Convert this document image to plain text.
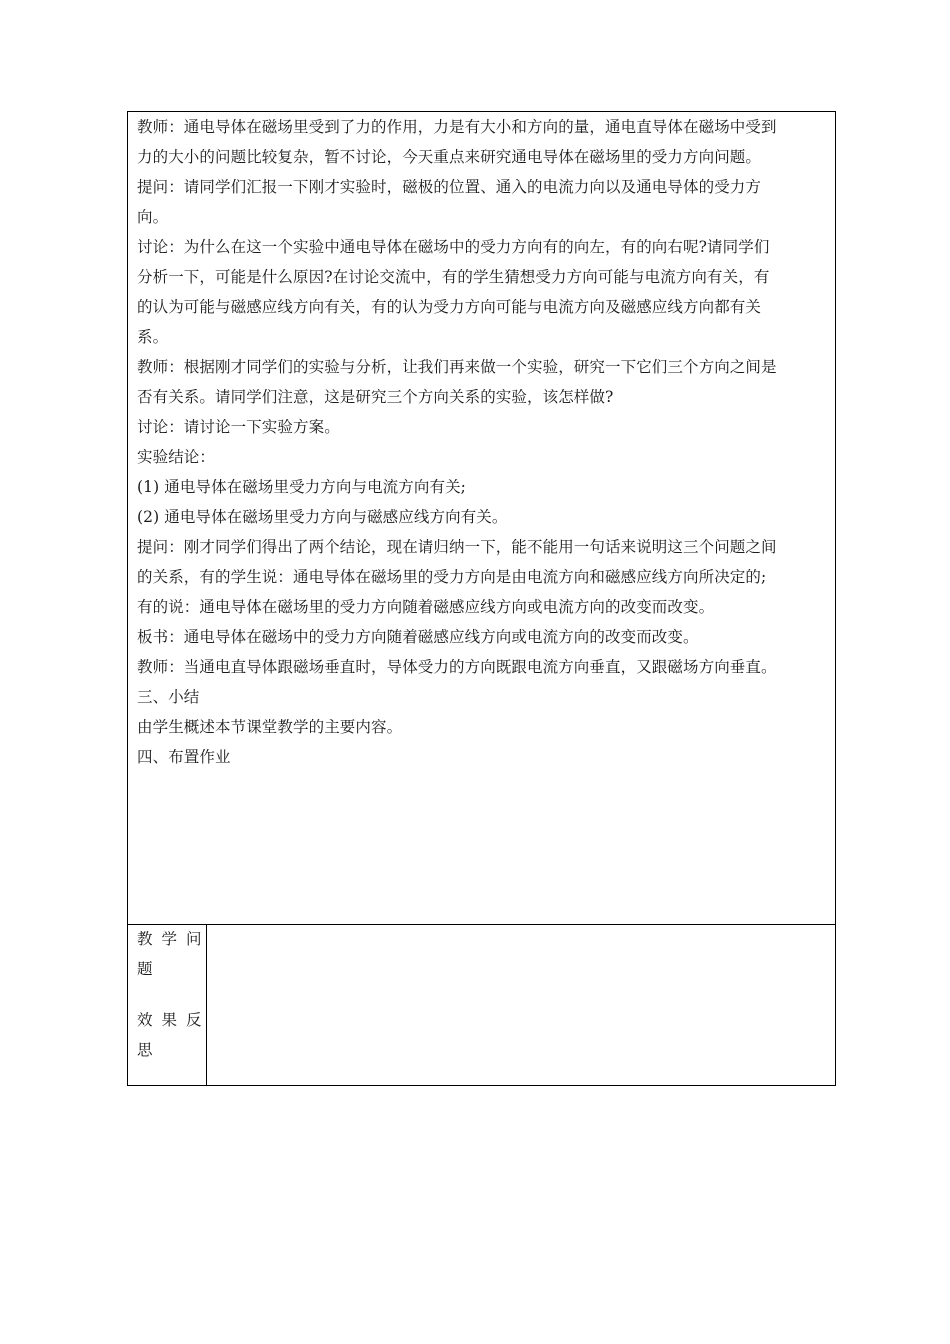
教师：通电导体在磁场里受到了力的作用，力是有大小和方向的量，通电直导体在磁场中受到
力的大小的问题比较复杂，暂不讨论，今天重点来研究通电导体在磁场里的受力方向问题。
提问：请同学们汇报一下刚才实验时，磁极的位置、通入的电流力向以及通电导体的受力方
向。
讨论：为什么在这一个实验中通电导体在磁场中的受力方向有的向左，有的向右呢?请同学们
分析一下，可能是什么原因?在讨论交流中，有的学生猜想受力方向可能与电流方向有关，有
的认为可能与磁感应线方向有关，有的认为受力方向可能与电流方向及磁感应线方向都有关
系。
教师：根据刚才同学们的实验与分析，让我们再来做一个实验，研究一下它们三个方向之间是
否有关系。请同学们注意，这是研究三个方向关系的实验，该怎样做?
讨论：请讨论一下实验方案。
实验结论：
(1) 通电导体在磁场里受力方向与电流方向有关;
(2) 通电导体在磁场里受力方向与磁感应线方向有关。
提问：刚才同学们得出了两个结论，现在请归纳一下，能不能用一句话来说明这三个问题之间
的关系，有的学生说：通电导体在磁场里的受力方向是由电流方向和磁感应线方向所决定的;
有的说：通电导体在磁场里的受力方向随着磁感应线方向或电流方向的改变而改变。
板书：通电导体在磁场中的受力方向随着磁感应线方向或电流方向的改变而改变。
教师：当通电直导体跟磁场垂直时，导体受力的方向既跟电流方向垂直，又跟磁场方向垂直。
三、小结
由学生概述本节课堂教学的主要内容。
四、布置作业
教学问
题
效果反
思
